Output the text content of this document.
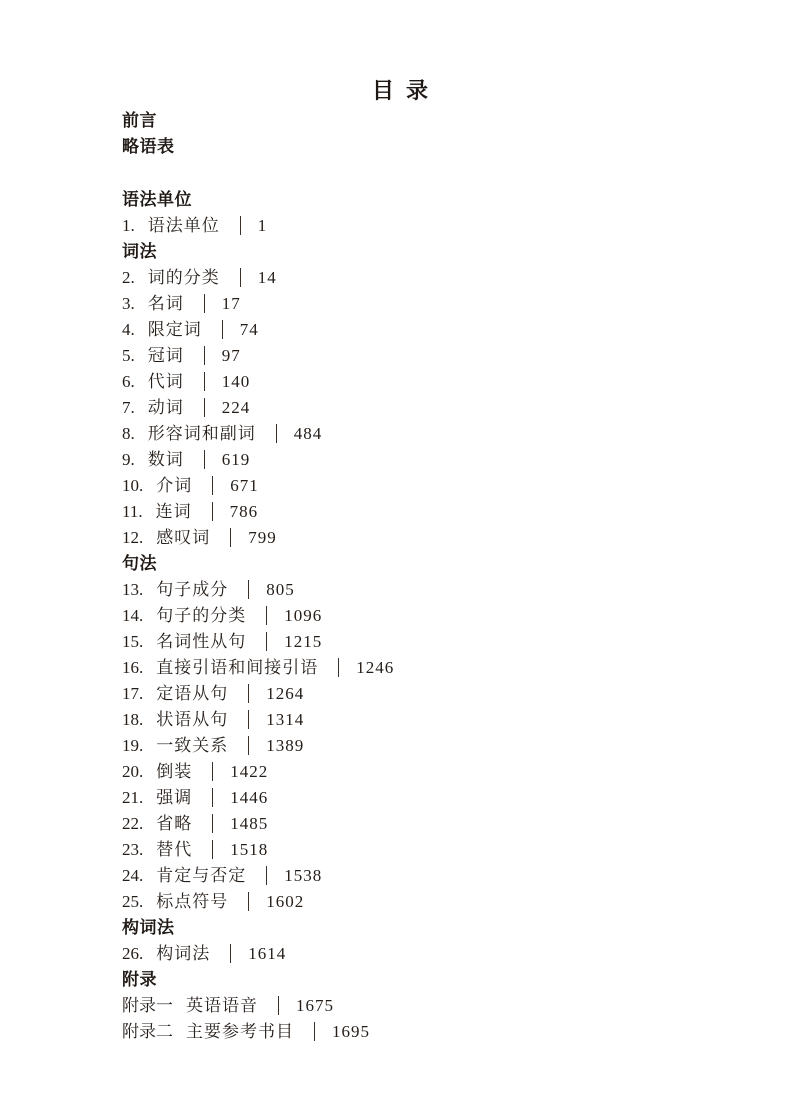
目 录
前言
略语表
语法单位
1. 语法单位 1
词法
2. 词的分类 14
3. 名词 17
4. 限定词 74
5. 冠词 97
6. 代词 140
7. 动词 224
8. 形容词和副词 484
9. 数词 619
10. 介词 671
11. 连词 786
12. 感叹词 799
句法
13. 句子成分 805
14. 句子的分类 1096
15. 名词性从句 1215
16. 直接引语和间接引语 1246
17. 定语从句 1264
18. 状语从句 1314
19. 一致关系 1389
20. 倒装 1422
21. 强调 1446
22. 省略 1485
23. 替代 1518
24. 肯定与否定 1538
25. 标点符号 1602
构词法
26. 构词法 1614
附录
附录一 英语语音 1675
附录二 主要参考书目 1695
